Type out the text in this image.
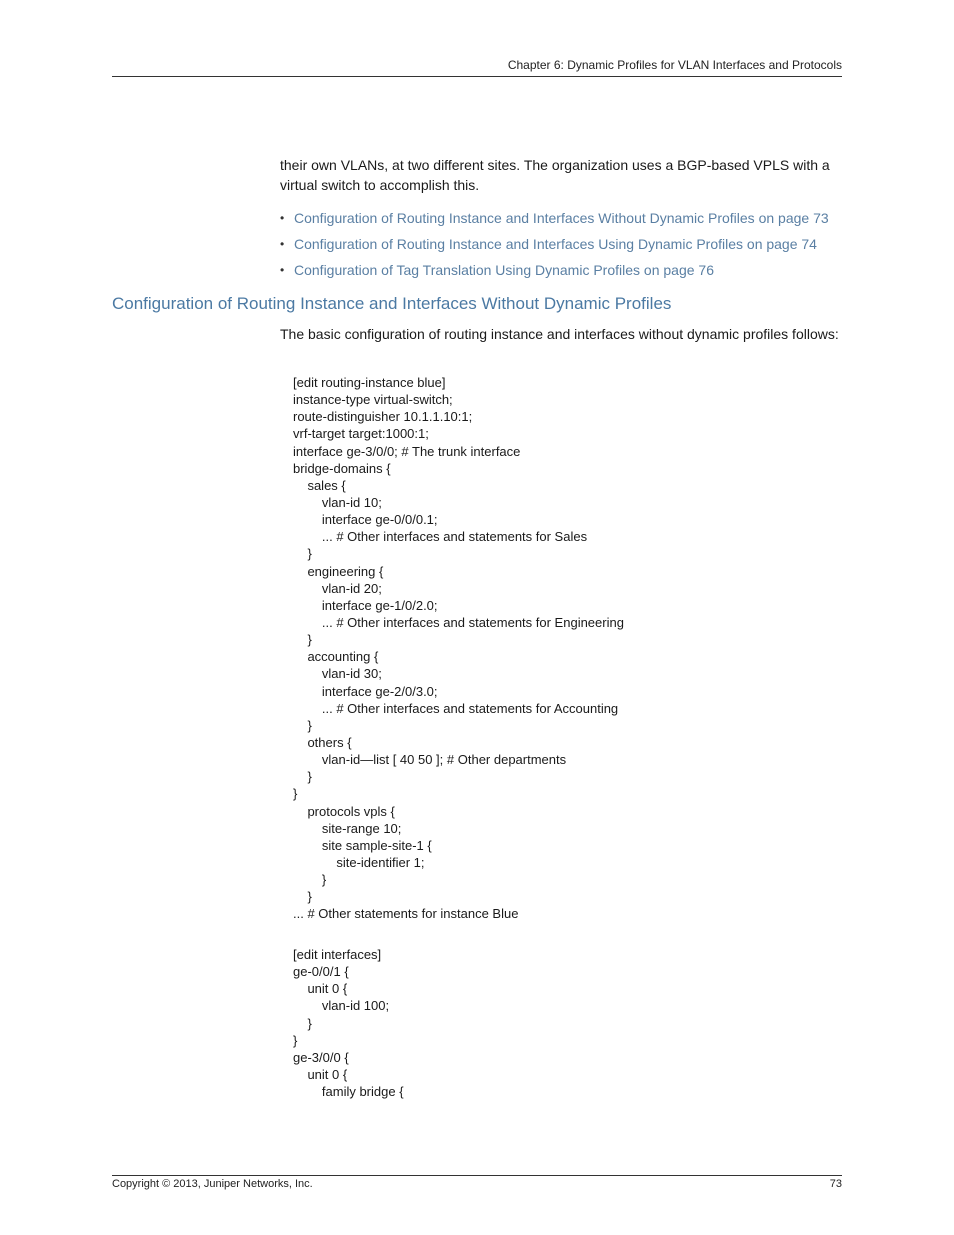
Chapter 6: Dynamic Profiles for VLAN Interfaces and Protocols

their own VLANs, at two different sites. The organization uses a BGP-based VPLS with a virtual switch to accomplish this.

• Configuration of Routing Instance and Interfaces Without Dynamic Profiles on page 73
• Configuration of Routing Instance and Interfaces Using Dynamic Profiles on page 74
• Configuration of Tag Translation Using Dynamic Profiles on page 76
Configuration of Routing Instance and Interfaces Without Dynamic Profiles

The basic configuration of routing instance and interfaces without dynamic profiles follows:

[edit routing-instance blue]
instance-type virtual-switch;
route-distinguisher 10.1.1.10:1;
vrf-target target:1000:1;
interface ge-3/0/0; # The trunk interface
bridge-domains {
sales {
vlan-id 10;
interface ge-0/0/0.1;
... # Other interfaces and statements for Sales
}
engineering {
vlan-id 20;
interface ge-1/0/2.0;
... # Other interfaces and statements for Engineering
}
accounting {
vlan-id 30;
interface ge-2/0/3.0;
... # Other interfaces and statements for Accounting
}
others {
vlan-id—list [ 40 50 ]; # Other departments
}
}
protocols vpls {
site-range 10;
site sample-site-1 {
site-identifier 1;
}
}
... # Other statements for instance Blue
[edit interfaces]
ge-0/0/1 {
unit 0 {
vlan-id 100;
}
}
ge-3/0/0 {
unit 0 {
family bridge {
Copyright © 2013, Juniper Networks, Inc.	73
